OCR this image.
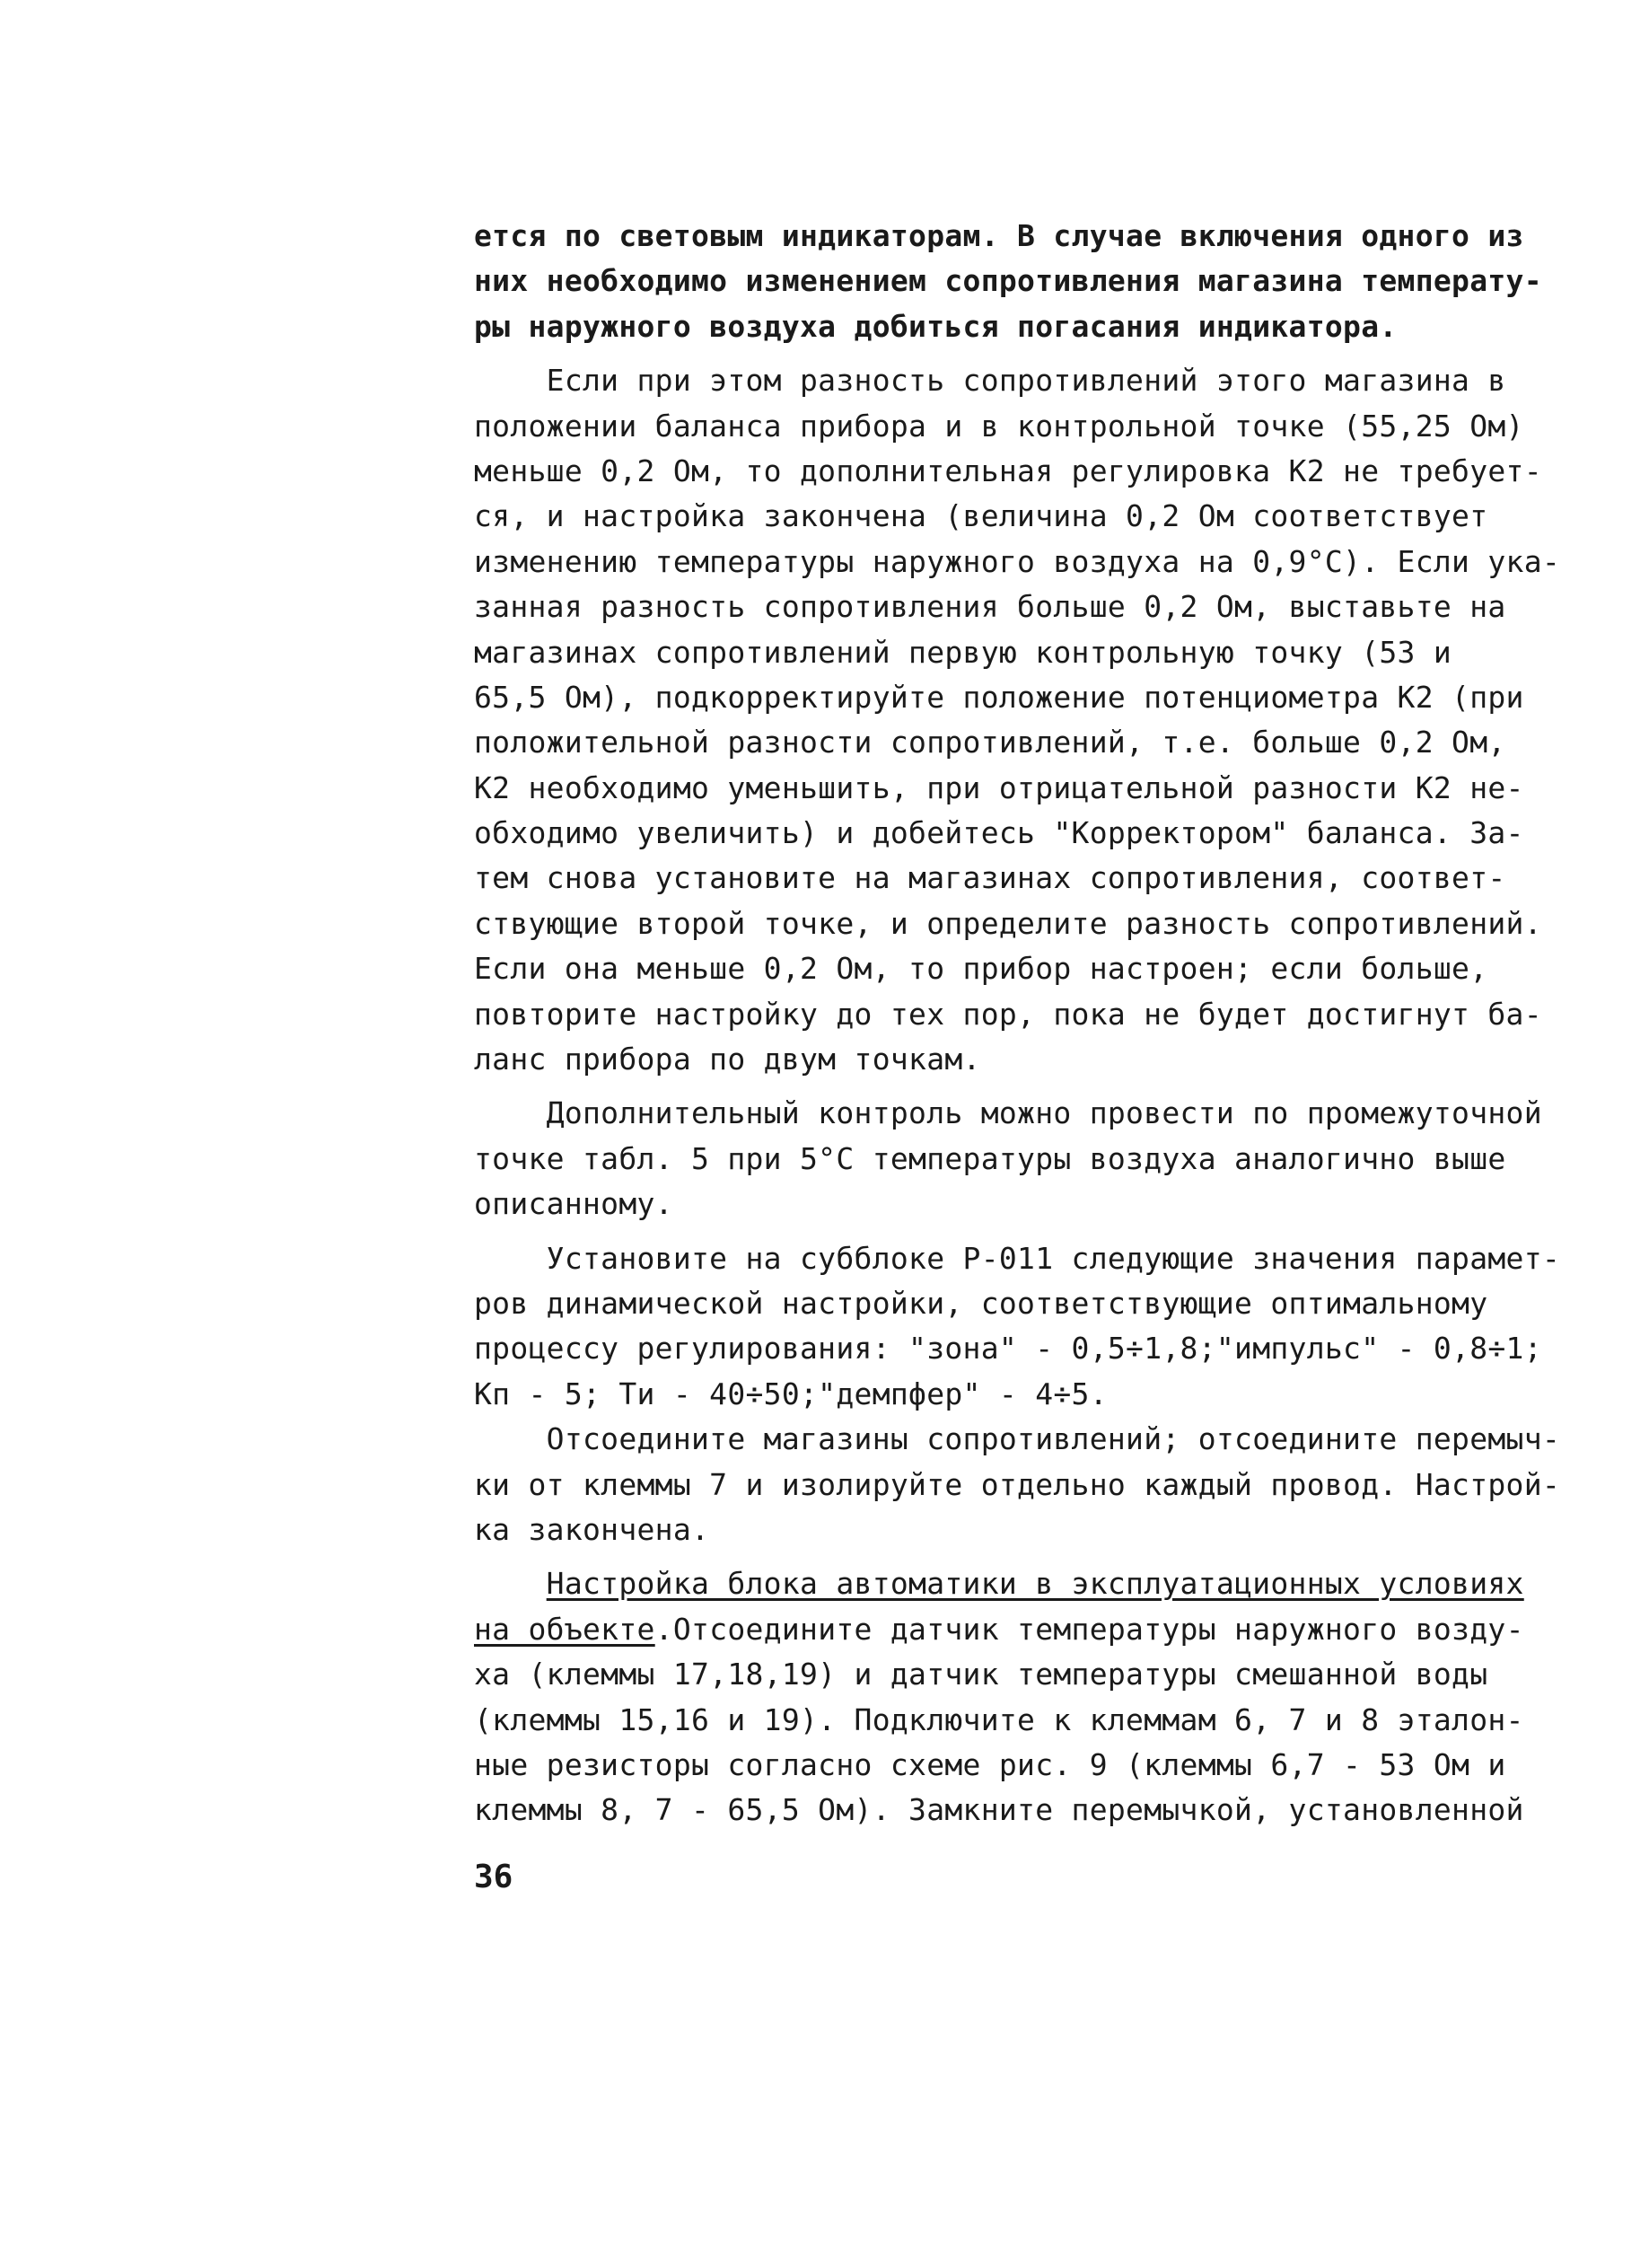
ется по световым индикаторам. В случае включения одного из
них необходимо изменением сопротивления магазина температу-
ры наружного воздуха добиться погасания индикатора.
Если при этом разность сопротивлений этого магазина в
положении баланса прибора и в контрольной точке (55,25 Ом)
меньше 0,2 Ом, то дополнительная регулировка К2 не требует-
ся, и настройка закончена (величина 0,2 Ом соответствует
изменению температуры наружного воздуха на 0,9°С). Если ука-
занная разность сопротивления больше 0,2 Ом, выставьте на
магазинах сопротивлений первую контрольную точку (53 и
65,5 Ом), подкорректируйте положение потенциометра К2 (при
положительной разности сопротивлений, т.е. больше 0,2 Ом,
К2 необходимо уменьшить, при отрицательной разности К2 не-
обходимо увеличить) и добейтесь "Корректором" баланса. За-
тем снова установите на магазинах сопротивления, соответ-
ствующие второй точке, и определите разность сопротивлений.
Если она меньше 0,2 Ом, то прибор настроен; если больше,
повторите настройку до тех пор, пока не будет достигнут ба-
ланс прибора по двум точкам.
Дополнительный контроль можно провести по промежуточной
точке табл. 5 при 5°С температуры воздуха аналогично выше
описанному.
Установите на субблоке Р-011 следующие значения парамет-
ров динамической настройки, соответствующие оптимальному
процессу регулирования: "зона" - 0,5÷1,8;"импульс" - 0,8÷1;
Кп - 5; Ти - 40÷50;"демпфер" - 4÷5.
Отсоедините магазины сопротивлений; отсоедините перемыч-
ки от клеммы 7 и изолируйте отдельно каждый провод. Настрой-
ка закончена.
Настройка блока автоматики в эксплуатационных условиях
на объекте.Отсоедините датчик температуры наружного возду-
ха (клеммы 17,18,19) и датчик температуры смешанной воды
(клеммы 15,16 и 19). Подключите к клеммам 6, 7 и 8 эталон-
ные резисторы согласно схеме рис. 9 (клеммы 6,7 - 53 Ом и
клеммы 8, 7 - 65,5 Ом). Замкните перемычкой, установленной
36
